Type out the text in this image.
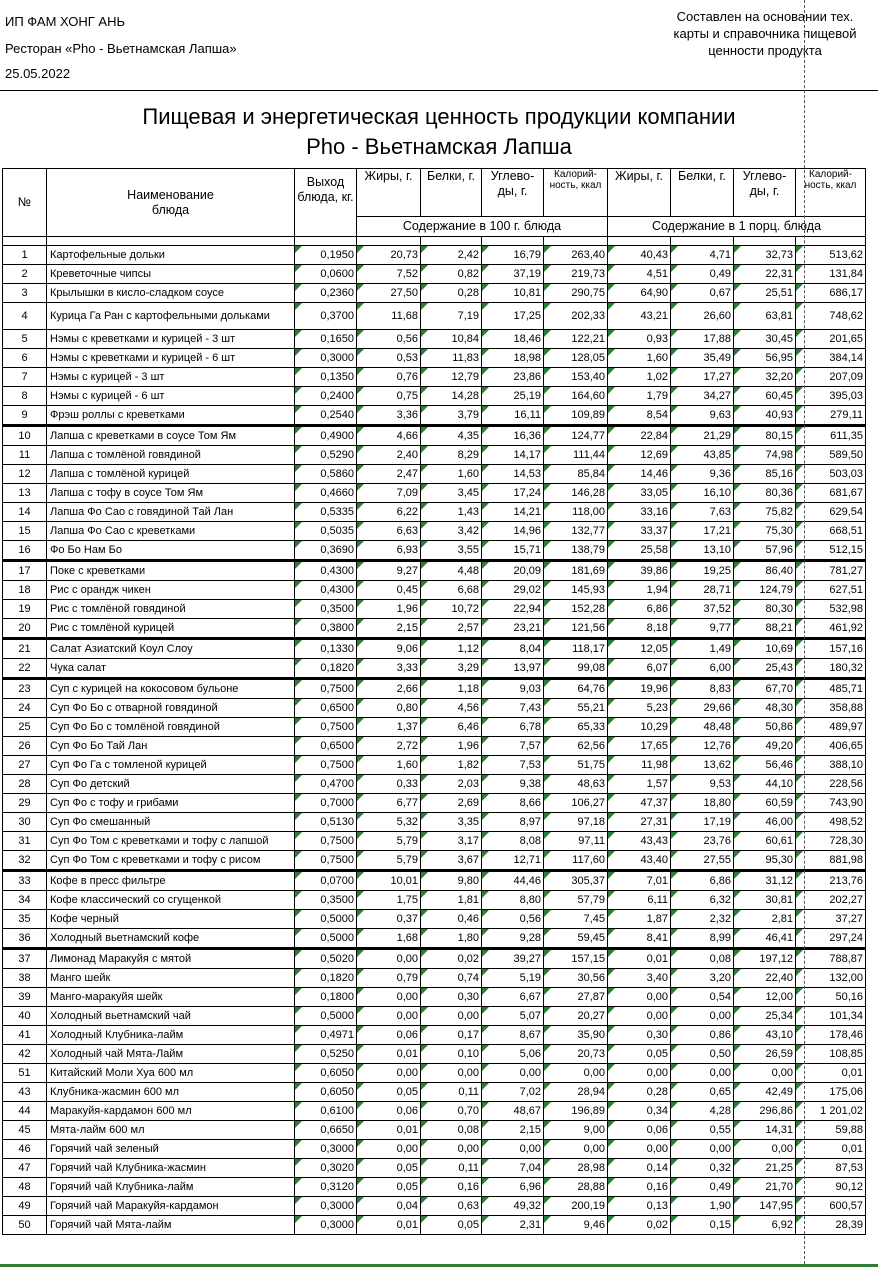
ИП ФАМ ХОНГ АНЬ
Ресторан «Pho - Вьетнамская Лапша»
25.05.2022
Составлен на основании тех. карты и справочника пищевой ценности продукта
Пищевая и энергетическая ценность продукции компании
Pho - Вьетнамская Лапша
№	Наименование блюда	Выход блюда, кг.	Жиры, г.	Белки, г.	Углево-ды, г.	Калорий-ность, ккал	Жиры, г.	Белки, г.	Углево-ды, г.	Калорий-ность, ккал
			Содержание в 100 г. блюда				Содержание в 1 порц. блюда			

1	Картофельные дольки	0,1950	20,73	2,42	16,79	263,40	40,43	4,71	32,73	513,62
2	Креветочные чипсы	0,0600	7,52	0,82	37,19	219,73	4,51	0,49	22,31	131,84
3	Крылышки в кисло-сладком соусе	0,2360	27,50	0,28	10,81	290,75	64,90	0,67	25,51	686,17
4	Курица Га Ран с картофельными дольками	0,3700	11,68	7,19	17,25	202,33	43,21	26,60	63,81	748,62
5	Нэмы с креветками и курицей - 3 шт	0,1650	0,56	10,84	18,46	122,21	0,93	17,88	30,45	201,65
6	Нэмы с креветками и курицей - 6 шт	0,3000	0,53	11,83	18,98	128,05	1,60	35,49	56,95	384,14
7	Нэмы с курицей - 3 шт	0,1350	0,76	12,79	23,86	153,40	1,02	17,27	32,20	207,09
8	Нэмы с курицей - 6 шт	0,2400	0,75	14,28	25,19	164,60	1,79	34,27	60,45	395,03
9	Фрэш роллы с креветками	0,2540	3,36	3,79	16,11	109,89	8,54	9,63	40,93	279,11
10	Лапша с креветками в соусе Том Ям	0,4900	4,66	4,35	16,36	124,77	22,84	21,29	80,15	611,35
11	Лапша с томлёной говядиной	0,5290	2,40	8,29	14,17	111,44	12,69	43,85	74,98	589,50
12	Лапша с томлёной курицей	0,5860	2,47	1,60	14,53	85,84	14,46	9,36	85,16	503,03
13	Лапша с тофу в соусе Том Ям	0,4660	7,09	3,45	17,24	146,28	33,05	16,10	80,36	681,67
14	Лапша Фо Сао с говядиной Тай Лан	0,5335	6,22	1,43	14,21	118,00	33,16	7,63	75,82	629,54
15	Лапша Фо Сао с креветками	0,5035	6,63	3,42	14,96	132,77	33,37	17,21	75,30	668,51
16	Фо Бо Нам Бо	0,3690	6,93	3,55	15,71	138,79	25,58	13,10	57,96	512,15
17	Поке с креветками	0,4300	9,27	4,48	20,09	181,69	39,86	19,25	86,40	781,27
18	Рис с орандж чикен	0,4300	0,45	6,68	29,02	145,93	1,94	28,71	124,79	627,51
19	Рис с томлёной говядиной	0,3500	1,96	10,72	22,94	152,28	6,86	37,52	80,30	532,98
20	Рис с томлёной курицей	0,3800	2,15	2,57	23,21	121,56	8,18	9,77	88,21	461,92
21	Салат Азиатский Коул Слоу	0,1330	9,06	1,12	8,04	118,17	12,05	1,49	10,69	157,16
22	Чука салат	0,1820	3,33	3,29	13,97	99,08	6,07	6,00	25,43	180,32
23	Суп с курицей на кокосовом бульоне	0,7500	2,66	1,18	9,03	64,76	19,96	8,83	67,70	485,71
24	Суп Фо Бо с отварной говядиной	0,6500	0,80	4,56	7,43	55,21	5,23	29,66	48,30	358,88
25	Суп Фо Бо с томлёной говядиной	0,7500	1,37	6,46	6,78	65,33	10,29	48,48	50,86	489,97
26	Суп Фо Бо Тай Лан	0,6500	2,72	1,96	7,57	62,56	17,65	12,76	49,20	406,65
27	Суп Фо Га с томленой курицей	0,7500	1,60	1,82	7,53	51,75	11,98	13,62	56,46	388,10
28	Суп Фо детский	0,4700	0,33	2,03	9,38	48,63	1,57	9,53	44,10	228,56
29	Суп Фо с тофу и грибами	0,7000	6,77	2,69	8,66	106,27	47,37	18,80	60,59	743,90
30	Суп Фо смешанный	0,5130	5,32	3,35	8,97	97,18	27,31	17,19	46,00	498,52
31	Суп Фо Том с креветками и тофу с лапшой	0,7500	5,79	3,17	8,08	97,11	43,43	23,76	60,61	728,30
32	Суп Фо Том с креветками и тофу с рисом	0,7500	5,79	3,67	12,71	117,60	43,40	27,55	95,30	881,98
33	Кофе в пресс фильтре	0,0700	10,01	9,80	44,46	305,37	7,01	6,86	31,12	213,76
34	Кофе классический со сгущенкой	0,3500	1,75	1,81	8,80	57,79	6,11	6,32	30,81	202,27
35	Кофе черный	0,5000	0,37	0,46	0,56	7,45	1,87	2,32	2,81	37,27
36	Холодный вьетнамский кофе	0,5000	1,68	1,80	9,28	59,45	8,41	8,99	46,41	297,24
37	Лимонад Маракуйя с мятой	0,5020	0,00	0,02	39,27	157,15	0,01	0,08	197,12	788,87
38	Манго шейк	0,1820	0,79	0,74	5,19	30,56	3,40	3,20	22,40	132,00
39	Манго-маракуйя шейк	0,1800	0,00	0,30	6,67	27,87	0,00	0,54	12,00	50,16
40	Холодный вьетнамский чай	0,5000	0,00	0,00	5,07	20,27	0,00	0,00	25,34	101,34
41	Холодный Клубника-лайм	0,4971	0,06	0,17	8,67	35,90	0,30	0,86	43,10	178,46
42	Холодный чай Мята-Лайм	0,5250	0,01	0,10	5,06	20,73	0,05	0,50	26,59	108,85
51	Китайский Моли Хуа 600 мл	0,6050	0,00	0,00	0,00	0,00	0,00	0,00	0,00	0,01
43	Клубника-жасмин 600 мл	0,6050	0,05	0,11	7,02	28,94	0,28	0,65	42,49	175,06
44	Маракуйя-кардамон 600 мл	0,6100	0,06	0,70	48,67	196,89	0,34	4,28	296,86	1 201,02
45	Мята-лайм 600 мл	0,6650	0,01	0,08	2,15	9,00	0,06	0,55	14,31	59,88
46	Горячий чай зеленый	0,3000	0,00	0,00	0,00	0,00	0,00	0,00	0,00	0,01
47	Горячий чай Клубника-жасмин	0,3020	0,05	0,11	7,04	28,98	0,14	0,32	21,25	87,53
48	Горячий чай Клубника-лайм	0,3120	0,05	0,16	6,96	28,88	0,16	0,49	21,70	90,12
49	Горячий чай Маракуйя-кардамон	0,3000	0,04	0,63	49,32	200,19	0,13	1,90	147,95	600,57
50	Горячий чай Мята-лайм	0,3000	0,01	0,05	2,31	9,46	0,02	0,15	6,92	28,39
